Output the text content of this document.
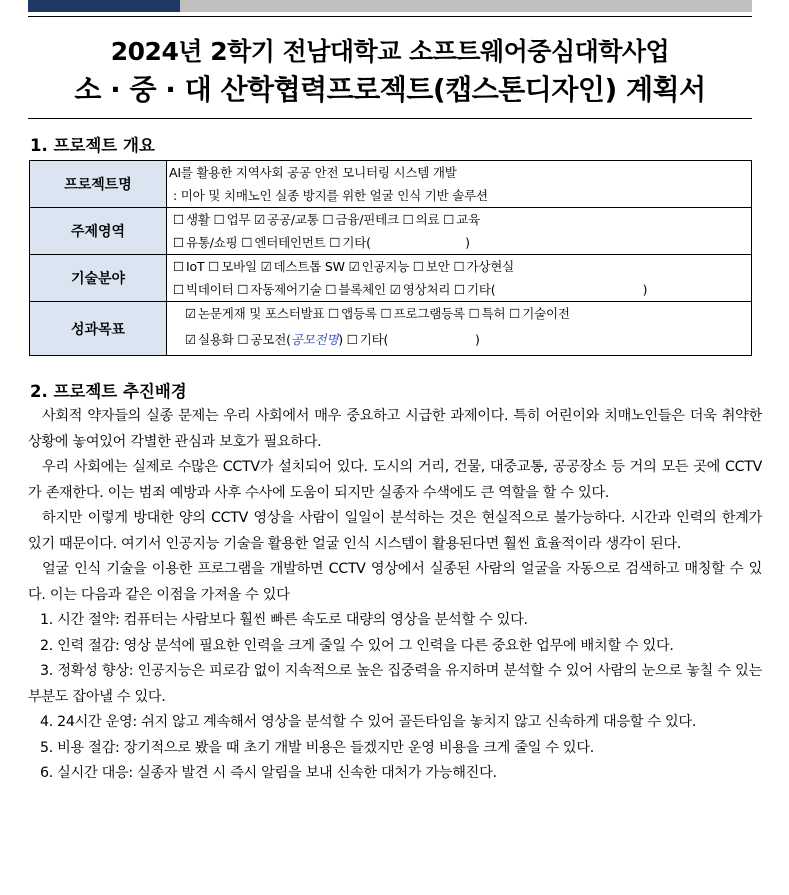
2024년 2학기 전남대학교 소프트웨어중심대학사업
소 · 중 · 대 산학협력프로젝트(캡스톤디자인) 계획서
1. 프로젝트 개요
프로젝트명	AI를 활용한 지역사회 공공 안전 모니터링 시스템 개발
: 미아 및 치매노인 실종 방지를 위한 얼굴 인식 기반 솔루션

주제영역	☐ 생활 ☐ 업무 ☑ 공공/교통 ☐ 금융/핀테크 ☐ 의료 ☐ 교육
☐ 유통/쇼핑 ☐ 엔터테인먼트 ☐ 기타(                         )

기술분야	☐ IoT ☐ 모바일 ☑ 데스트톱 SW ☑ 인공지능 ☐ 보안 ☐ 가상현실
☐ 빅데이터 ☐ 자동제어기술 ☐ 블록체인 ☑ 영상처리 ☐ 기타(                                       )

성과목표	☑ 논문게재 및 포스터발표 ☐ 앱등록 ☐ 프로그램등록 ☐ 특허 ☐ 기술이전
☑ 실용화 ☐ 공모전(공모전명) ☐ 기타(                       )
2. 프로젝트 추진배경

사회적 약자들의 실종 문제는 우리 사회에서 매우 중요하고 시급한 과제이다. 특히 어린이와 치매노인들은 더욱 취약한 상황에 놓여있어 각별한 관심과 보호가 필요하다.

우리 사회에는 실제로 수많은 CCTV가 설치되어 있다. 도시의 거리, 건물, 대중교통, 공공장소 등 거의 모든 곳에 CCTV가 존재한다. 이는 범죄 예방과 사후 수사에 도움이 되지만 실종자 수색에도 큰 역할을 할 수 있다.

하지만 이렇게 방대한 양의 CCTV 영상을 사람이 일일이 분석하는 것은 현실적으로 불가능하다. 시간과 인력의 한계가 있기 때문이다. 여기서 인공지능 기술을 활용한 얼굴 인식 시스템이 활용된다면 훨씬 효율적이라 생각이 된다.

얼굴 인식 기술을 이용한 프로그램을 개발하면 CCTV 영상에서 실종된 사람의 얼굴을 자동으로 검색하고 매칭할 수 있다. 이는 다음과 같은 이점을 가져올 수 있다

1. 시간 절약: 컴퓨터는 사람보다 훨씬 빠른 속도로 대량의 영상을 분석할 수 있다.

2. 인력 절감: 영상 분석에 필요한 인력을 크게 줄일 수 있어 그 인력을 다른 중요한 업무에 배치할 수 있다.

3. 정확성 향상: 인공지능은 피로감 없이 지속적으로 높은 집중력을 유지하며 분석할 수 있어 사람의 눈으로 놓칠 수 있는 부분도 잡아낼 수 있다.

4. 24시간 운영: 쉬지 않고 계속해서 영상을 분석할 수 있어 골든타임을 놓치지 않고 신속하게 대응할 수 있다.

5. 비용 절감: 장기적으로 봤을 때 초기 개발 비용은 들겠지만 운영 비용을 크게 줄일 수 있다.

6. 실시간 대응: 실종자 발견 시 즉시 알림을 보내 신속한 대처가 가능해진다.
